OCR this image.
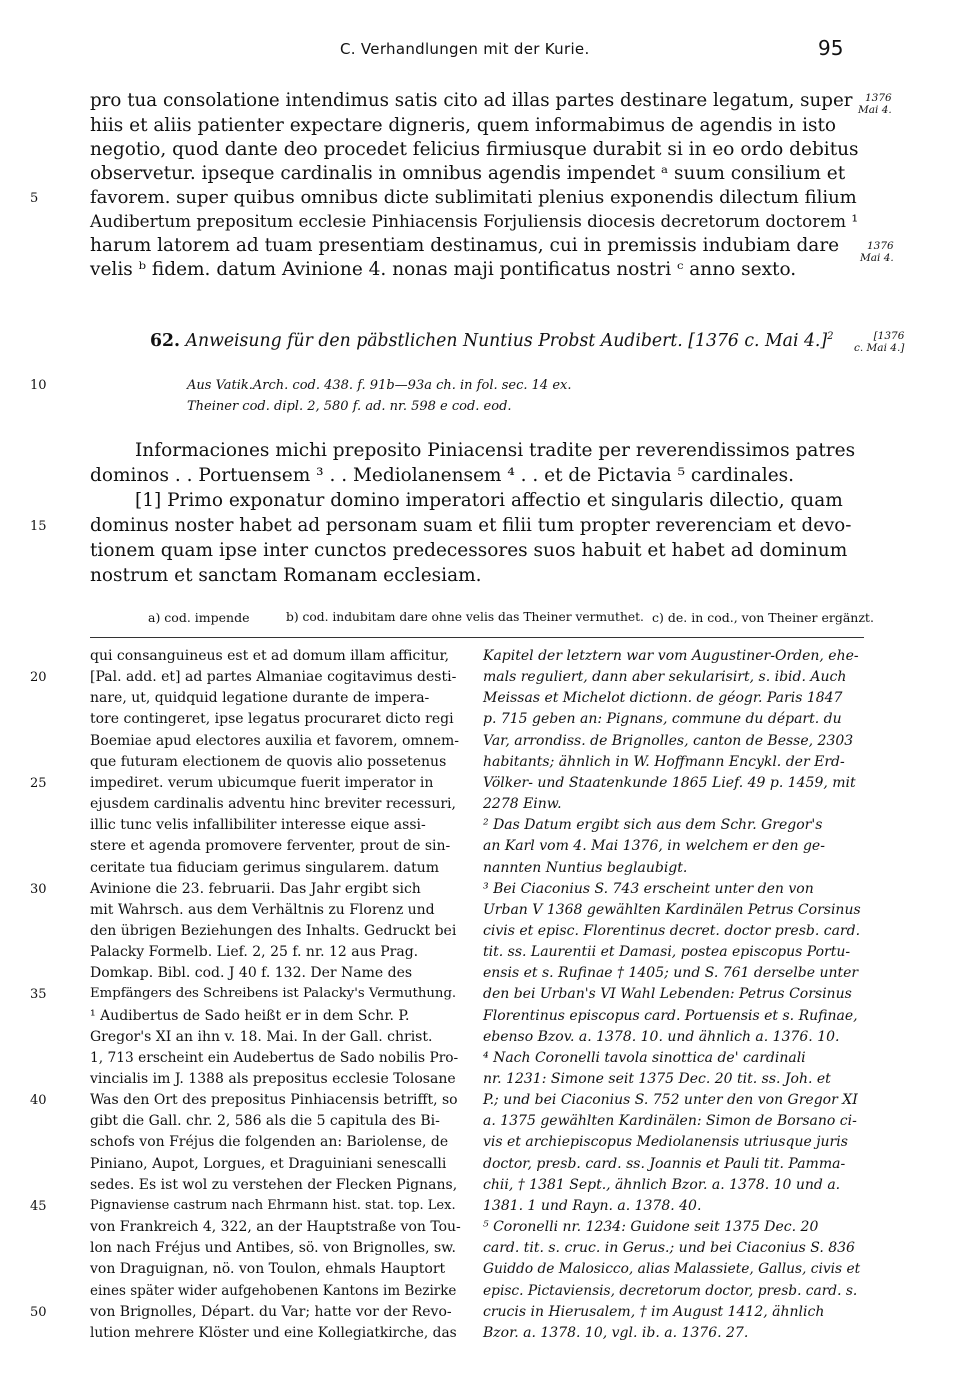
C. Verhandlungen mit der Kurie.	95
pro tua consolatione intendimus satis cito ad illas partes destinare legatum, super
hiis et aliis patienter expectare digneris, quem informabimus de agendis in isto
negotio, quod dante deo procedet felicius firmiusque durabit si in eo ordo debitus
observetur. ipseque cardinalis in omnibus agendis impendet ᵃ suum consilium et
favorem. super quibus omnibus dicte sublimitati plenius exponendis dilectum filium
Audibertum prepositum ecclesie Pinhiacensis Forjuliensis diocesis decretorum doctorem ¹
harum latorem ad tuam presentiam destinamus, cui in premissis indubiam dare
velis ᵇ fidem. datum Avinione 4. nonas maji pontificatus nostri ᶜ anno sexto.
5
1376
Mai 4.
1376
Mai 4.
62. Anweisung für den päbstlichen Nuntius Probst Audibert. [1376 c. Mai 4.]$^2$	[1376
c. Mai 4.]
10	Aus Vatik.Arch. cod. 438. f. 91b—93a ch. in fol. sec. 14 ex.
Theiner cod. dipl. 2, 580 f. ad. nr. 598 e cod. eod.
Informaciones michi preposito Piniacensi tradite per reverendissimos patres
dominos . . Portuensem ³ . . Mediolanensem ⁴ . . et de Pictavia ⁵ cardinales.
[1] Primo exponatur domino imperatori affectio et singularis dilectio, quam
dominus noster habet ad personam suam et filii tum propter reverenciam et devo-
tionem quam ipse inter cunctos predecessores suos habuit et habet ad dominum
nostrum et sanctam Romanam ecclesiam.
15
a) cod. impende	b) cod. indubitam dare ohne velis das Theiner vermuthet. c) de. in cod., von Theiner ergänzt.
qui consanguineus est et ad domum illam afficitur,
[Pal. add. et] ad partes Almaniae cogitavimus desti-
nare, ut, quidquid legatione durante de impera-
tore contingeret, ipse legatus procuraret dicto regi
Boemiae apud electores auxilia et favorem, omnem-
que futuram electionem de quovis alio possetenus
impediret. verum ubicumque fuerit imperator in
ejusdem cardinalis adventu hinc breviter recessuri,
illic tunc velis infallibiliter interesse eique assi-
stere et agenda promovere ferventer, prout de sin-
ceritate tua fiduciam gerimus singularem. datum
Avinione die 23. februarii. Das Jahr ergibt sich
mit Wahrsch. aus dem Verhältnis zu Florenz und
den übrigen Beziehungen des Inhalts. Gedruckt bei
Palacky Formelb. Lief. 2, 25 f. nr. 12 aus Prag.
Domkap. Bibl. cod. J 40 f. 132. Der Name des
Empfängers des Schreibens ist Palacky's Vermuthung.
¹ Audibertus de Sado heißt er in dem Schr. P.
Gregor's XI an ihn v. 18. Mai. In der Gall. christ.
1, 713 erscheint ein Audebertus de Sado nobilis Pro-
vincialis im J. 1388 als prepositus ecclesie Tolosane
Was den Ort des prepositus Pinhiacensis betrifft, so
gibt die Gall. chr. 2, 586 als die 5 capitula des Bi-
schofs von Fréjus die folgenden an: Bariolense, de
Piniano, Aupot, Lorgues, et Draguiniani senescalli
sedes. Es ist wol zu verstehen der Flecken Pignans,
Pignaviense castrum nach Ehrmann hist. stat. top. Lex.
von Frankreich 4, 322, an der Hauptstraße von Tou-
lon nach Fréjus und Antibes, sö. von Brignolles, sw.
von Draguignan, nö. von Toulon, ehmals Hauptort
eines später wider aufgehobenen Kantons im Bezirke
von Brignolles, Départ. du Var; hatte vor der Revo-
lution mehrere Klöster und eine Kollegiatkirche, das
20
25
30
35
40
45
50
Kapitel der letztern war vom Augustiner-Orden, ehe-
mals reguliert, dann aber sekularisirt, s. ibid. Auch
Meissas et Michelot dictionn. de géogr. Paris 1847
p. 715 geben an: Pignans, commune du départ. du
Var, arrondiss. de Brignolles, canton de Besse, 2303
habitants; ähnlich in W. Hoffmann Encykl. der Erd-
Völker- und Staatenkunde 1865 Lief. 49 p. 1459, mit
2278 Einw.
² Das Datum ergibt sich aus dem Schr. Gregor's
an Karl vom 4. Mai 1376, in welchem er den ge-
nannten Nuntius beglaubigt.
³ Bei Ciaconius S. 743 erscheint unter den von
Urban V 1368 gewählten Kardinälen Petrus Corsinus
civis et episc. Florentinus decret. doctor presb. card.
tit. ss. Laurentii et Damasi, postea episcopus Portu-
ensis et s. Rufinae † 1405; und S. 761 derselbe unter
den bei Urban's VI Wahl Lebenden: Petrus Corsinus
Florentinus episcopus card. Portuensis et s. Rufinae,
ebenso Bzov. a. 1378. 10. und ähnlich a. 1376. 10.
⁴ Nach Coronelli tavola sinottica de' cardinali
nr. 1231: Simone seit 1375 Dec. 20 tit. ss. Joh. et
P.; und bei Ciaconius S. 752 unter den von Gregor XI
a. 1375 gewählten Kardinälen: Simon de Borsano ci-
vis et archiepiscopus Mediolanensis utriusque juris
doctor, presb. card. ss. Joannis et Pauli tit. Pamma-
chii, † 1381 Sept., ähnlich Bzor. a. 1378. 10 und a.
1381. 1 und Rayn. a. 1378. 40.
⁵ Coronelli nr. 1234: Guidone seit 1375 Dec. 20
card. tit. s. cruc. in Gerus.; und bei Ciaconius S. 836
Guiddo de Malosicco, alias Malassiete, Gallus, civis et
episc. Pictaviensis, decretorum doctor, presb. card. s.
crucis in Hierusalem, † im August 1412, ähnlich
Bzor. a. 1378. 10, vgl. ib. a. 1376. 27.
